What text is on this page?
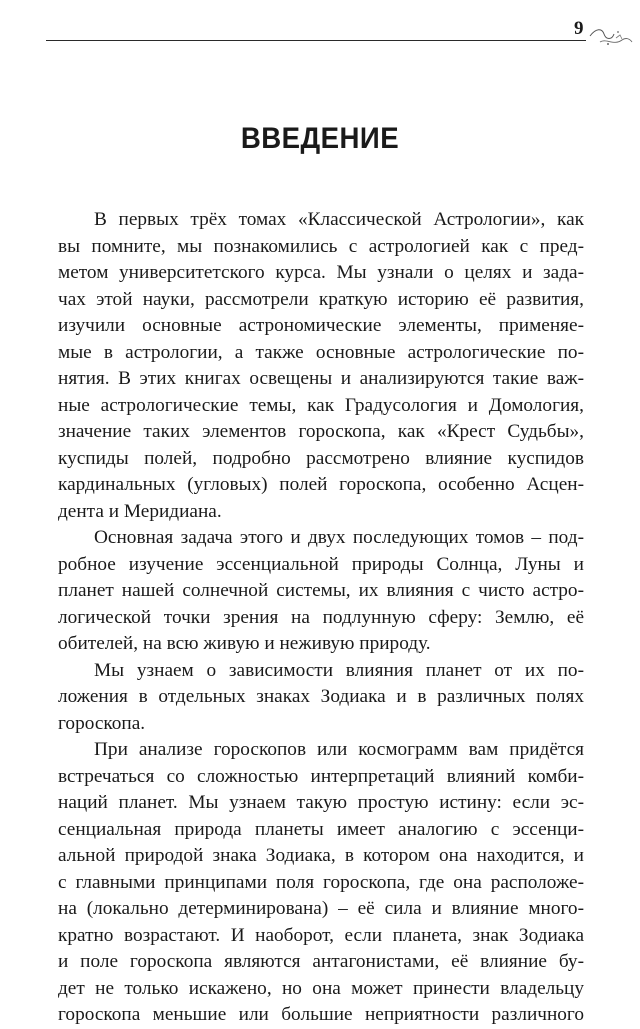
9
ВВЕДЕНИЕ
В первых трёх томах «Классической Астрологии», как
вы помните, мы познакомились с астрологией как с пред-
метом университетского курса. Мы узнали о целях и зада-
чах этой науки, рассмотрели краткую историю её развития,
изучили основные астрономические элементы, применяе-
мые в астрологии, а также основные астрологические по-
нятия. В этих книгах освещены и анализируются такие важ-
ные астрологические темы, как Градусология и Домология,
значение таких элементов гороскопа, как «Крест Судьбы»,
куспиды полей, подробно рассмотрено влияние куспидов
кардинальных (угловых) полей гороскопа, особенно Асцен-
дента и Меридиана.
Основная задача этого и двух последующих томов – под-
робное изучение эссенциальной природы Солнца, Луны и
планет нашей солнечной системы, их влияния с чисто астро-
логической точки зрения на подлунную сферу: Землю, её
обителей, на всю живую и неживую природу.
Мы узнаем о зависимости влияния планет от их по-
ложения в отдельных знаках Зодиака и в различных полях
гороскопа.
При анализе гороскопов или космограмм вам придётся
встречаться со сложностью интерпретаций влияний комби-
наций планет. Мы узнаем такую простую истину: если эс-
сенциальная природа планеты имеет аналогию с эссенци-
альной природой знака Зодиака, в котором она находится, и
с главными принципами поля гороскопа, где она расположе-
на (локально детерминирована) – её сила и влияние много-
кратно возрастают. И наоборот, если планета, знак Зодиака
и поле гороскопа являются антагонистами, её влияние бу-
дет не только искажено, но она может принести владельцу
гороскопа меньшие или большие неприятности различного
